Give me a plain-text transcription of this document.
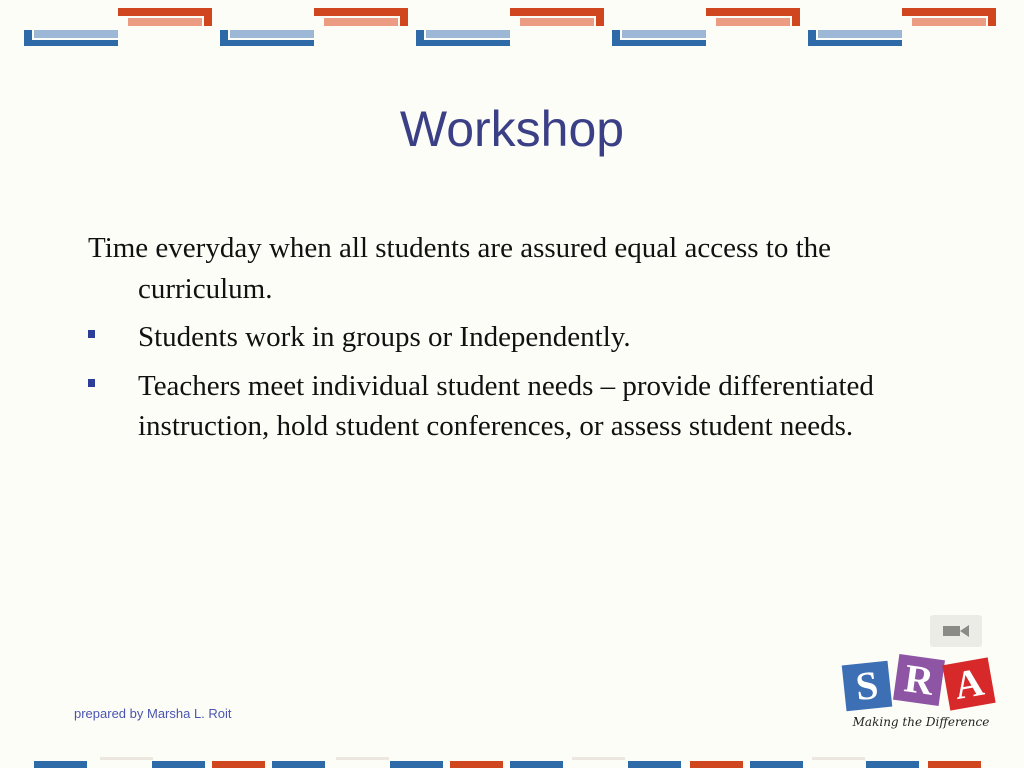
Workshop

Time everyday when all students are assured equal access to the curriculum.

Students work in groups or Independently.
Teachers meet individual student needs – provide differentiated instruction, hold student conferences, or assess student needs.
S R A
Making the Difference
prepared by Marsha L. Roit
